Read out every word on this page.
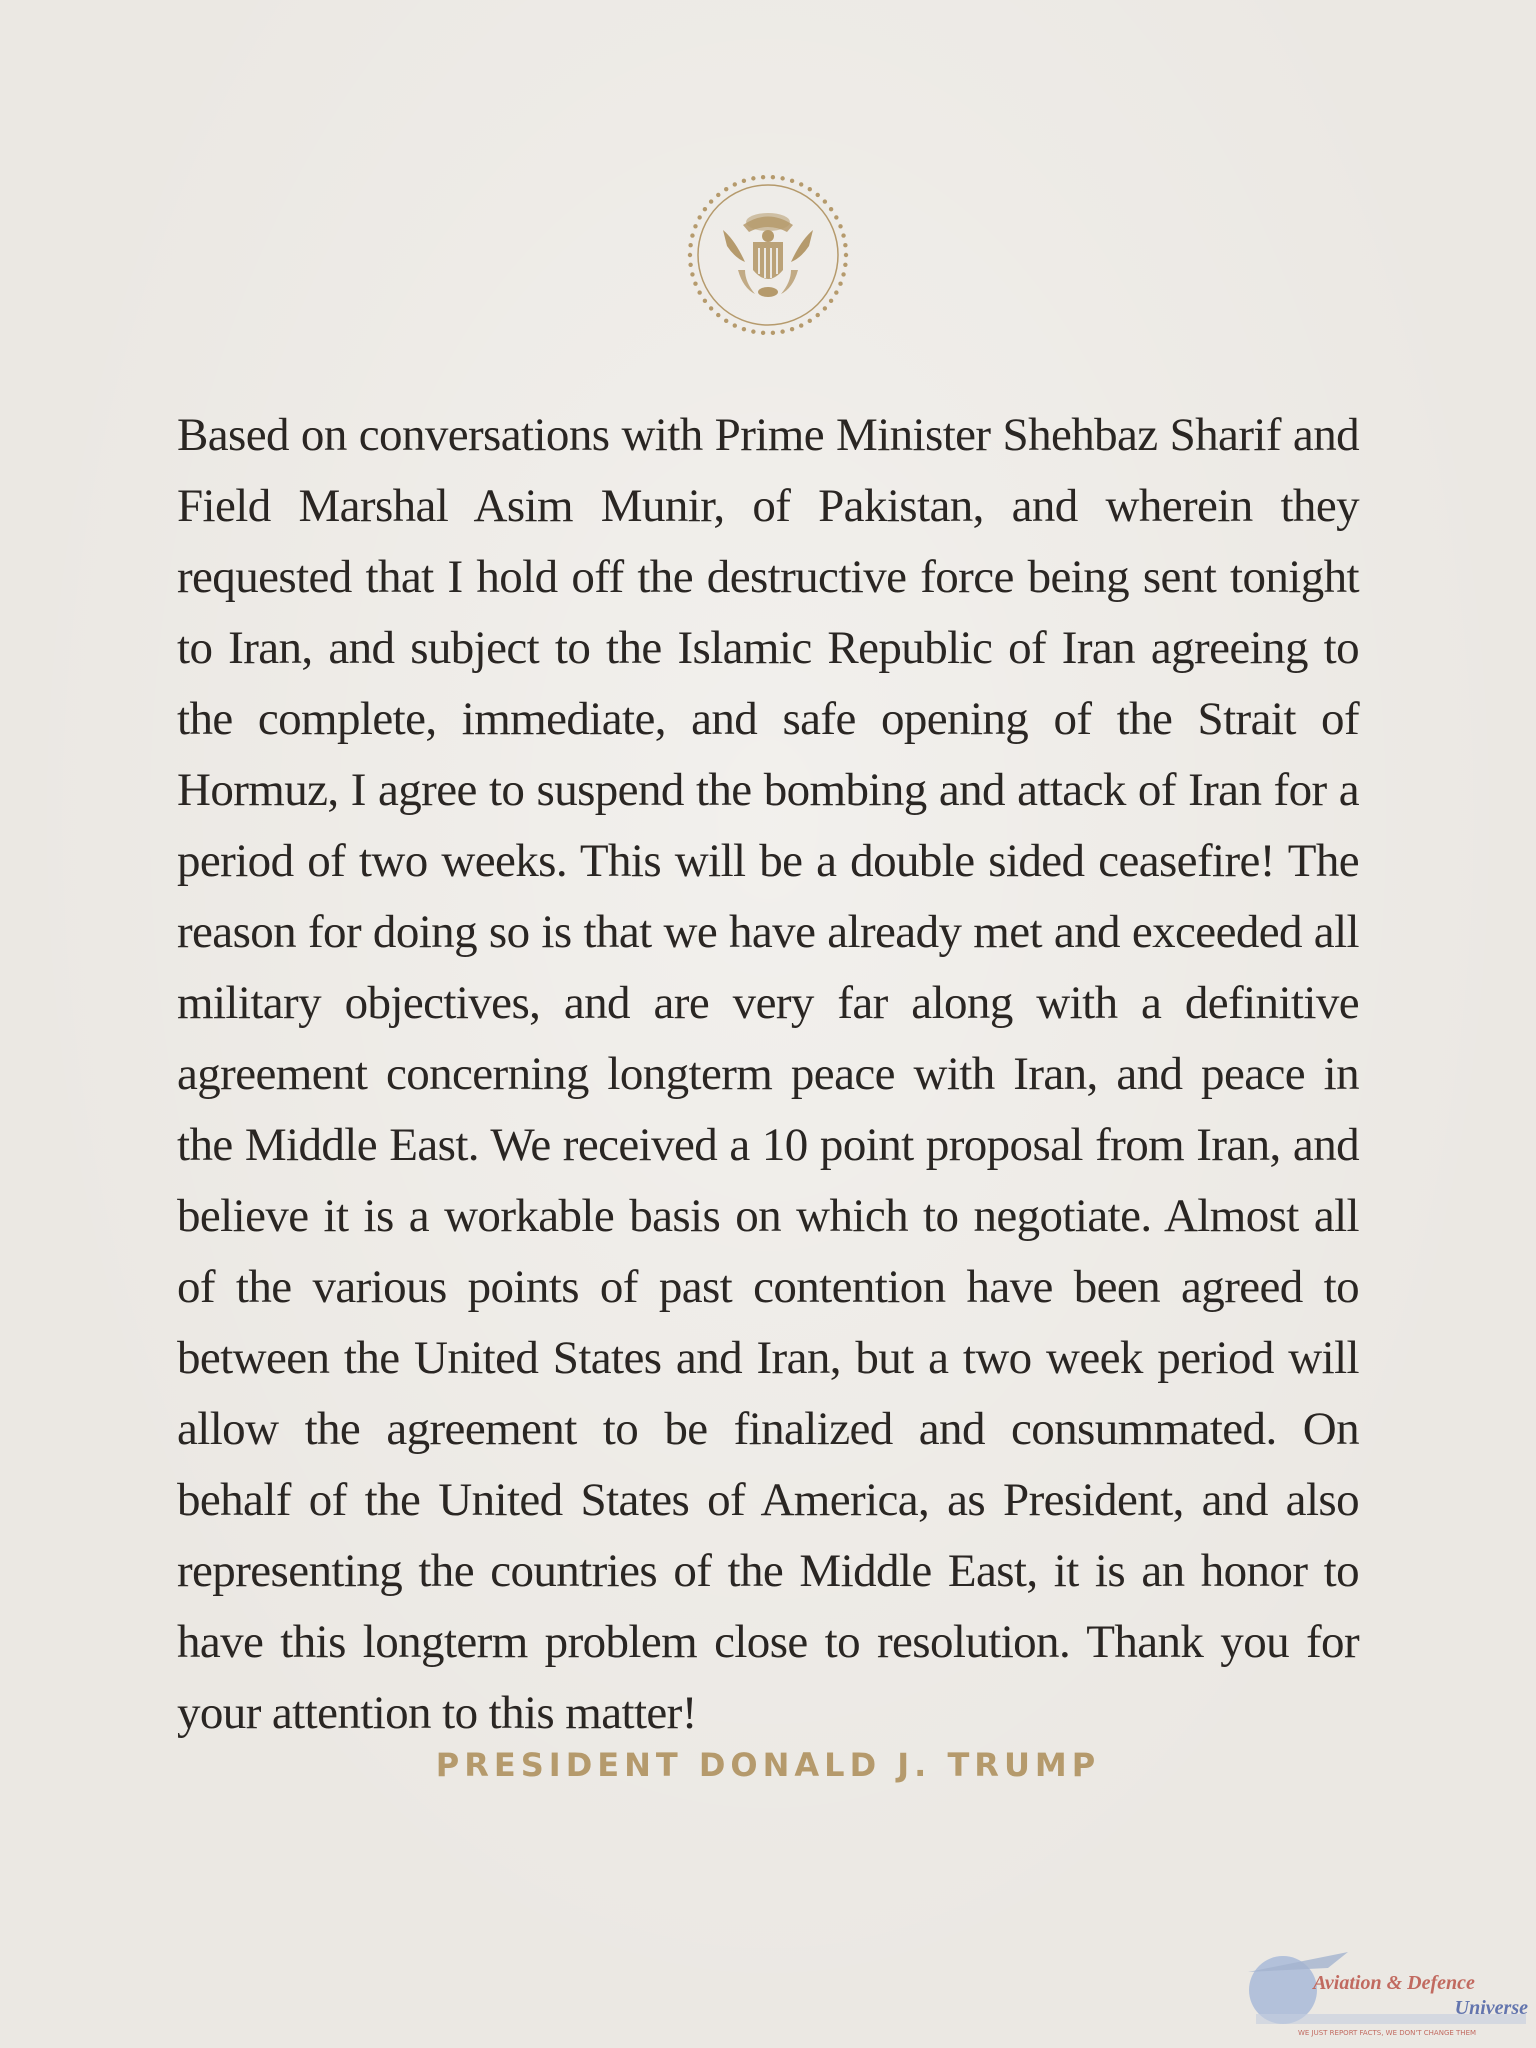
Based on conversations with Prime Minister Shehbaz Sharif and Field Marshal Asim Munir, of Pakistan, and wherein they requested that I hold off the destructive force being sent tonight to Iran, and subject to the Islamic Republic of Iran agreeing to the complete, immediate, and safe opening of the Strait of Hormuz, I agree to suspend the bombing and attack of Iran for a period of two weeks. This will be a double sided ceasefire! The reason for doing so is that we have already met and exceeded all military objectives, and are very far along with a definitive agreement concerning longterm peace with Iran, and peace in the Middle East. We received a 10 point proposal from Iran, and believe it is a workable basis on which to negotiate. Almost all of the various points of past contention have been agreed to between the United States and Iran, but a two week period will allow the agreement to be finalized and consummated. On behalf of the United States of America, as President, and also representing the countries of the Middle East, it is an honor to have this longterm problem close to resolution. Thank you for your attention to this matter!

PRESIDENT DONALD J. TRUMP
Aviation & Defence
Universe
WE JUST REPORT FACTS, WE DON'T CHANGE THEM
